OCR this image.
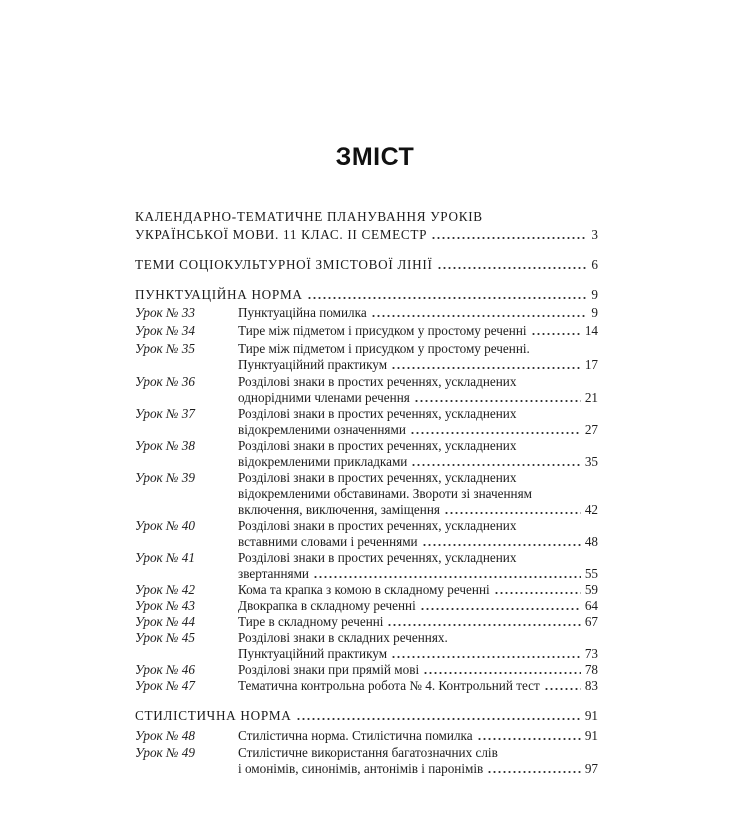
ЗМІСТ
КАЛЕНДАРНО-ТЕМАТИЧНЕ ПЛАНУВАННЯ УРОКІВ
УКРАЇНСЬКОЇ МОВИ. 11 КЛАС. II СЕМЕСТР	3
ТЕМИ СОЦІОКУЛЬТУРНОЇ ЗМІСТОВОЇ ЛІНІЇ	6
ПУНКТУАЦІЙНА НОРМА	9
Урок № 33	Пунктуаційна помилка	9
Урок № 34	Тире між підметом і присудком у простому реченні	14
Урок № 35	Тире між підметом і присудком у простому реченні.
Пунктуаційний практикум	17
Урок № 36	Розділові знаки в простих реченнях, ускладнених
однорідними членами речення	21
Урок № 37	Розділові знаки в простих реченнях, ускладнених
відокремленими означеннями	27
Урок № 38	Розділові знаки в простих реченнях, ускладнених
відокремленими прикладками	35
Урок № 39	Розділові знаки в простих реченнях, ускладнених
відокремленими обставинами. Звороти зі значенням
включення, виключення, заміщення	42
Урок № 40	Розділові знаки в простих реченнях, ускладнених
вставними словами і реченнями	48
Урок № 41	Розділові знаки в простих реченнях, ускладнених
звертаннями	55
Урок № 42	Кома та крапка з комою в складному реченні	59
Урок № 43	Двокрапка в складному реченні	64
Урок № 44	Тире в складному реченні	67
Урок № 45	Розділові знаки в складних реченнях.
Пунктуаційний практикум	73
Урок № 46	Розділові знаки при прямій мові	78
Урок № 47	Тематична контрольна робота № 4. Контрольний тест	83
СТИЛІСТИЧНА НОРМА	91
Урок № 48	Стилістична норма. Стилістична помилка	91
Урок № 49	Стилістичне використання багатозначних слів
і омонімів, синонімів, антонімів і паронімів	97
